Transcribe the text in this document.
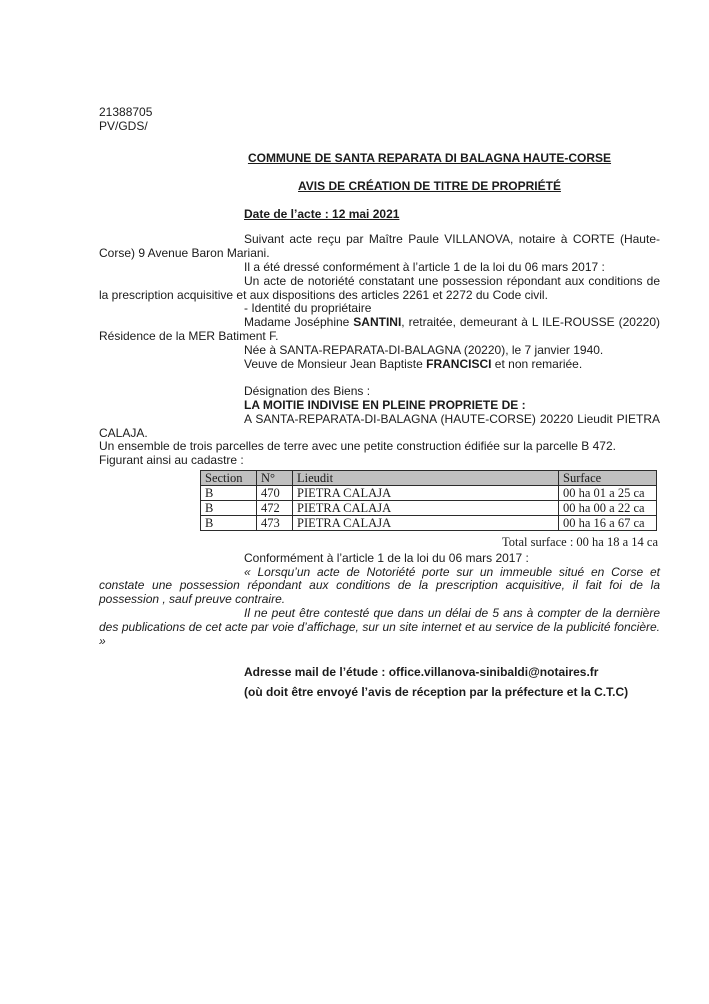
21388705

PV/GDS/

COMMUNE DE SANTA REPARATA DI BALAGNA HAUTE-CORSE
AVIS DE CRÉATION DE TITRE DE PROPRIÉTÉ
Date de l’acte : 12 mai 2021

Suivant acte reçu par Maître Paule VILLANOVA, notaire à CORTE (Haute-Corse) 9 Avenue Baron Mariani.

Il a été dressé conformément à l’article 1 de la loi du 06 mars 2017 :

Un acte de notoriété constatant une possession répondant aux conditions de la prescription acquisitive et aux dispositions des articles 2261 et 2272 du Code civil.

- Identité du propriétaire

Madame Joséphine SANTINI, retraitée, demeurant à L ILE-ROUSSE (20220) Résidence de la MER Batiment F.

Née à SANTA-REPARATA-DI-BALAGNA (20220), le 7 janvier 1940.

Veuve de Monsieur Jean Baptiste FRANCISCI et non remariée.

Désignation des Biens :

LA MOITIE INDIVISE EN PLEINE PROPRIETE DE :

A SANTA-REPARATA-DI-BALAGNA (HAUTE-CORSE) 20220 Lieudit PIETRA CALAJA.

Un ensemble de trois parcelles de terre avec une petite construction édifiée sur la parcelle B 472.

Figurant ainsi au cadastre :

Section	N°	Lieudit	Surface
B	470	PIETRA CALAJA	00 ha 01 a 25 ca
B	472	PIETRA CALAJA	00 ha 00 a 22 ca
B	473	PIETRA CALAJA	00 ha 16 a 67 ca
Total surface : 00 ha 18 a 14 ca

Conformément à l’article 1 de la loi du 06 mars 2017 :

« Lorsqu’un acte de Notoriété porte sur un immeuble situé en Corse et constate une possession répondant aux conditions de la prescription acquisitive, il fait foi de la possession , sauf preuve contraire.

Il ne peut être contesté que dans un délai de 5 ans à compter de la dernière des publications de cet acte par voie d’affichage, sur un site internet et au service de la publicité foncière. »

Adresse mail de l’étude : office.villanova-sinibaldi@notaires.fr

(où doit être envoyé l’avis de réception par la préfecture et la C.T.C)
